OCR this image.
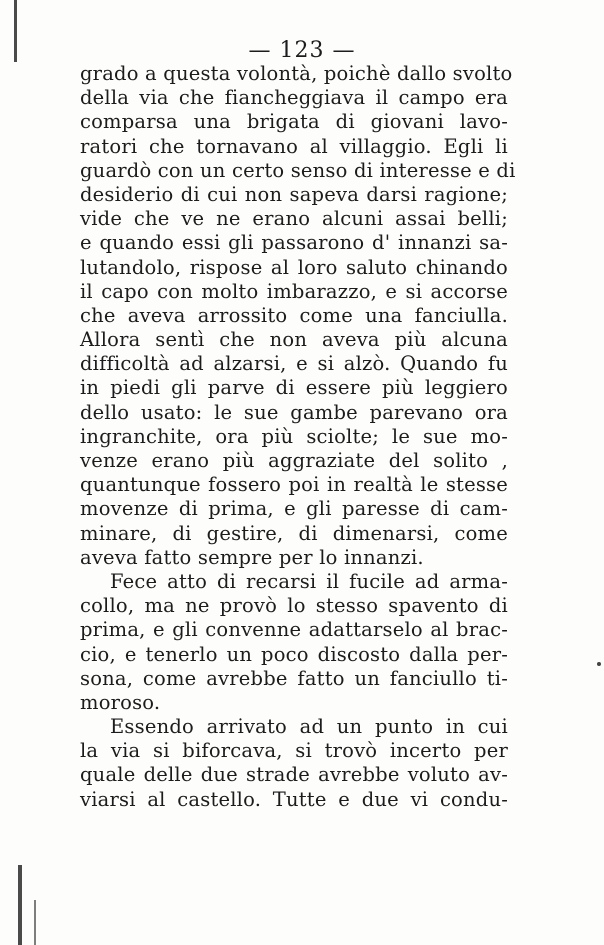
— 123 —
grado a questa volontà, poichè dallo svolto
della via che fiancheggiava il campo era
comparsa una brigata di giovani lavo-
ratori che tornavano al villaggio. Egli li
guardò con un certo senso di interesse e di
desiderio di cui non sapeva darsi ragione;
vide che ve ne erano alcuni assai belli;
e quando essi gli passarono d' innanzi sa-
lutandolo, rispose al loro saluto chinando
il capo con molto imbarazzo, e si accorse
che aveva arrossito come una fanciulla.
Allora sentì che non aveva più alcuna
difficoltà ad alzarsi, e si alzò. Quando fu
in piedi gli parve di essere più leggiero
dello usato: le sue gambe parevano ora
ingranchite, ora più sciolte; le sue mo-
venze erano più aggraziate del solito ,
quantunque fossero poi in realtà le stesse
movenze di prima, e gli paresse di cam-
minare, di gestire, di dimenarsi, come
aveva fatto sempre per lo innanzi.
Fece atto di recarsi il fucile ad arma-
collo, ma ne provò lo stesso spavento di
prima, e gli convenne adattarselo al brac-
cio, e tenerlo un poco discosto dalla per-
sona, come avrebbe fatto un fanciullo ti-
moroso.
Essendo arrivato ad un punto in cui
la via si biforcava, si trovò incerto per
quale delle due strade avrebbe voluto av-
viarsi al castello. Tutte e due vi condu-
